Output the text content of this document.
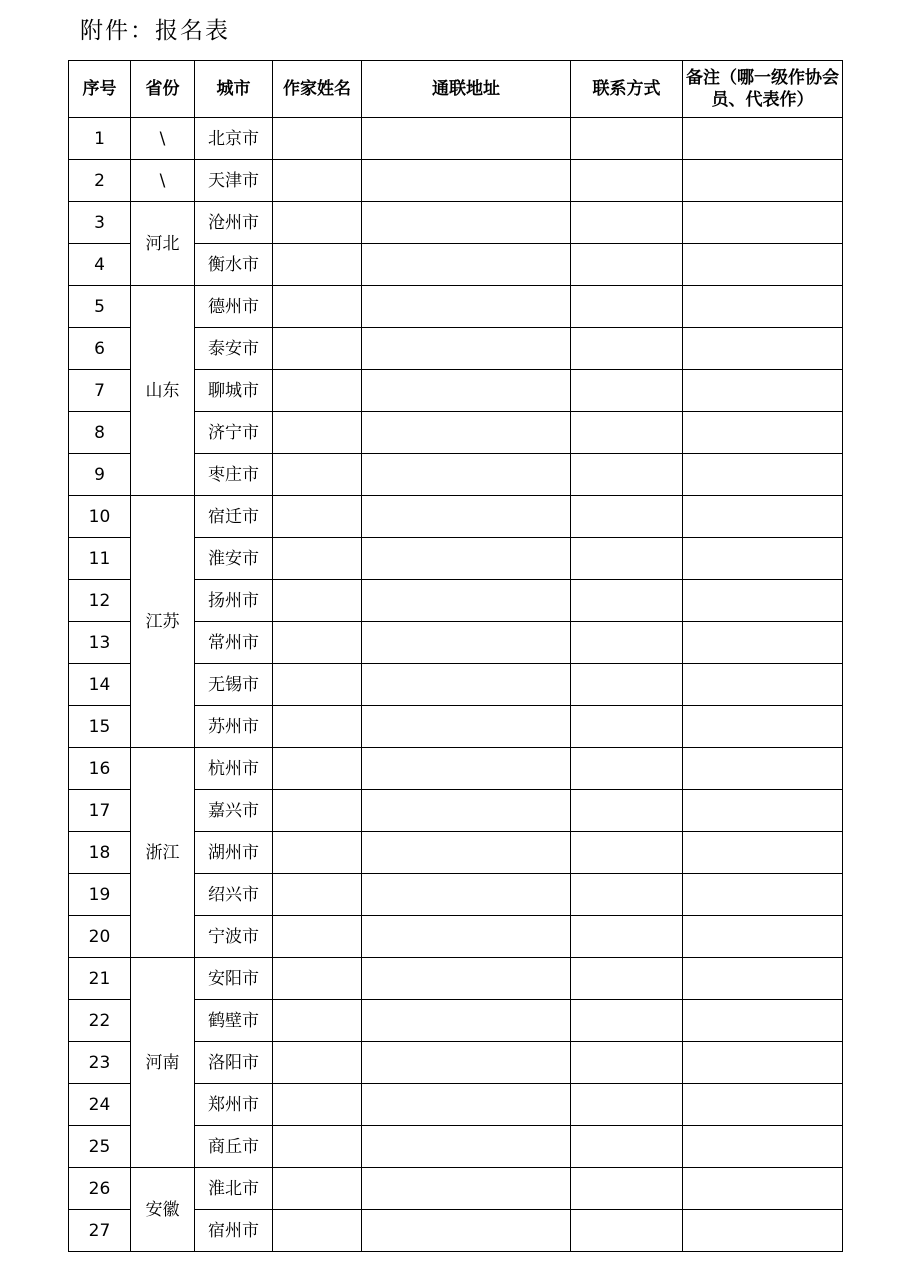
附件：报名表
序号	省份	城市	作家姓名	通联地址	联系方式	备注（哪一级作协会员、代表作）
1	\	北京市				
2	\	天津市				
3	河北	沧州市				
4		衡水市				
5	山东	德州市				
6		泰安市				
7		聊城市				
8		济宁市				
9		枣庄市				
10	江苏	宿迁市				
11		淮安市				
12		扬州市				
13		常州市				
14		无锡市				
15		苏州市				
16	浙江	杭州市				
17		嘉兴市				
18		湖州市				
19		绍兴市				
20		宁波市				
21	河南	安阳市				
22		鹤壁市				
23		洛阳市				
24		郑州市				
25		商丘市				
26	安徽	淮北市				
27		宿州市				
